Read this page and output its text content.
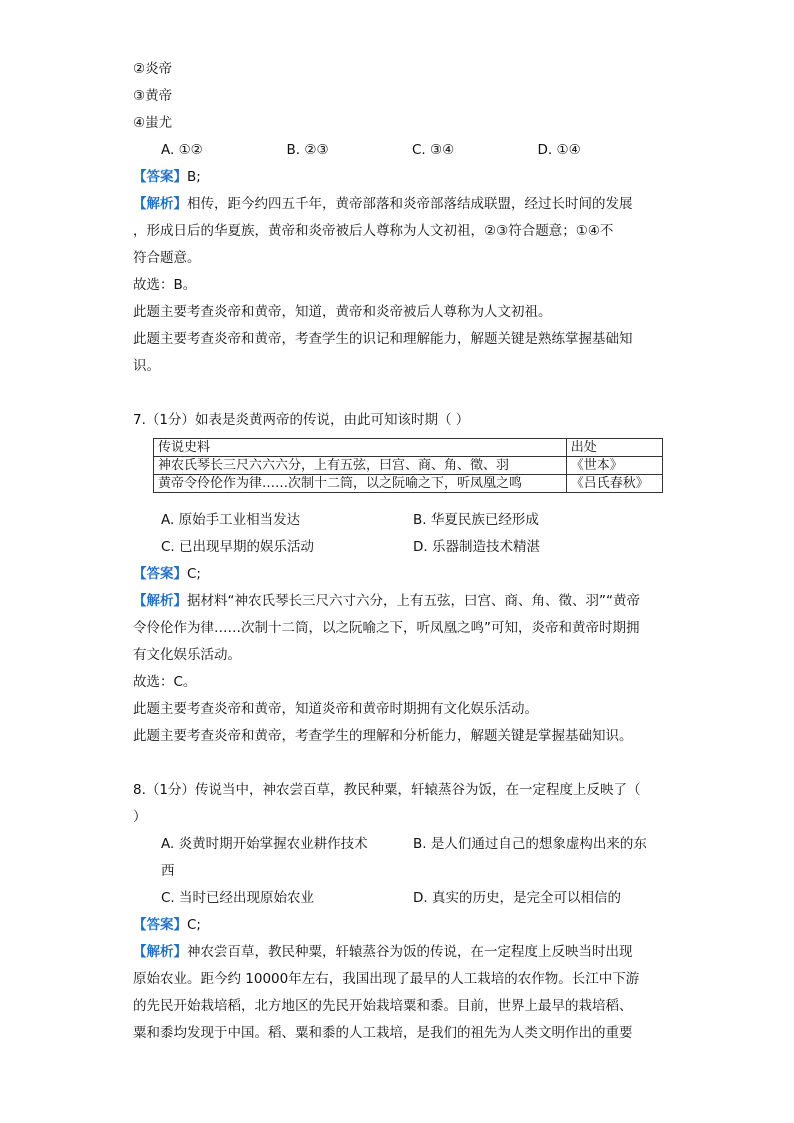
②炎帝
③黄帝
④蚩尤
A. ①②	B. ②③	C. ③④	D. ①④
【答案】B;
【解析】相传，距今约四五千年，黄帝部落和炎帝部落结成联盟，经过长时间的发展
，形成日后的华夏族，黄帝和炎帝被后人尊称为人文初祖，②③符合题意；①④不
符合题意。
故选：B。
此题主要考查炎帝和黄帝，知道，黄帝和炎帝被后人尊称为人文初祖。
此题主要考查炎帝和黄帝，考查学生的识记和理解能力，解题关键是熟练掌握基础知
识。
7.（1分）如表是炎黄两帝的传说，由此可知该时期（ ）
传说史料	出处
神农氏琴长三尺六六六分，上有五弦，曰宫、商、角、徵、羽	《世本》
黄帝令伶伦作为律……次制十二筒，以之阮喻之下，听凤凰之鸣	《吕氏春秋》
A. 原始手工业相当发达	B. 华夏民族已经形成
C. 已出现早期的娱乐活动	D. 乐器制造技术精湛
【答案】C;
【解析】据材料“神农氏琴长三尺六寸六分，上有五弦，曰宫、商、角、徵、羽”“黄帝
令伶伦作为律……次制十二筒，以之阮喻之下，听凤凰之鸣”可知，炎帝和黄帝时期拥
有文化娱乐活动。
故选：C。
此题主要考查炎帝和黄帝，知道炎帝和黄帝时期拥有文化娱乐活动。
此题主要考查炎帝和黄帝，考查学生的理解和分析能力，解题关键是掌握基础知识。
8.（1分）传说当中，神农尝百草，教民种粟，轩辕蒸谷为饭，在一定程度上反映了（
）
A. 炎黄时期开始掌握农业耕作技术	B. 是人们通过自己的想象虚构出来的东
西
C. 当时已经出现原始农业	D. 真实的历史，是完全可以相信的
【答案】C;
【解析】神农尝百草，教民种粟，轩辕蒸谷为饭的传说，在一定程度上反映当时出现
原始农业。距今约 10000年左右，我国出现了最早的人工栽培的农作物。长江中下游
的先民开始栽培稻，北方地区的先民开始栽培粟和黍。目前，世界上最早的栽培稻、
粟和黍均发现于中国。稻、粟和黍的人工栽培，是我们的祖先为人类文明作出的重要
